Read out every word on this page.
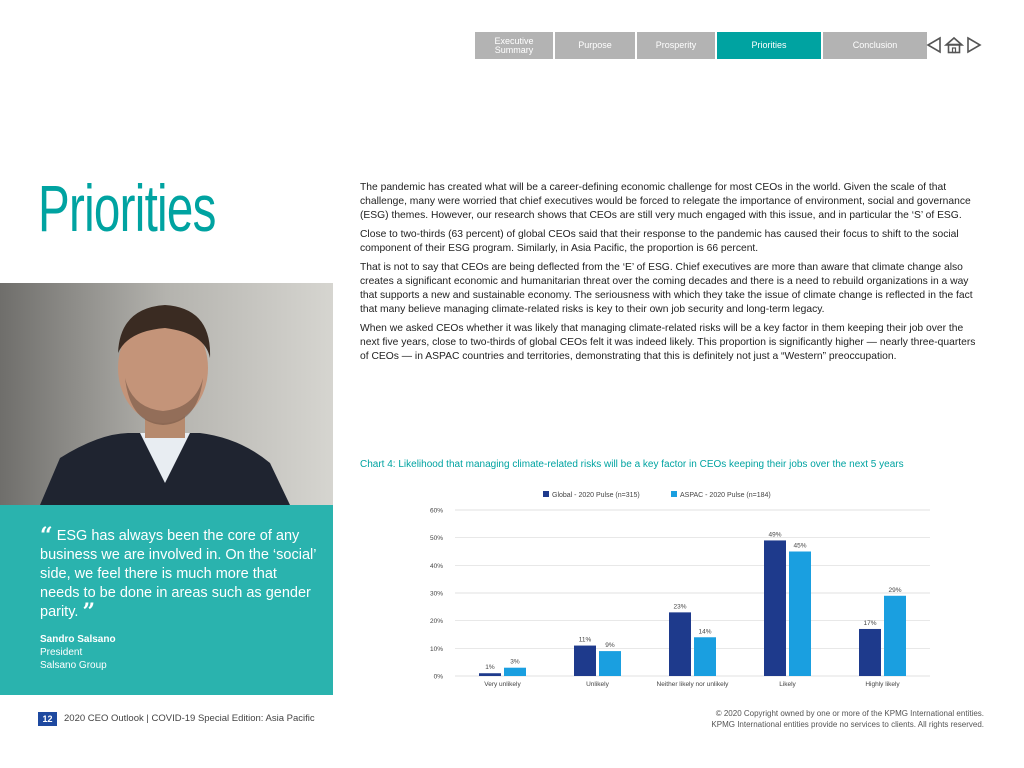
Executive Summary	Purpose	Prosperity	Priorities	Conclusion
Priorities
“ ESG has always been the core of any business we are involved in. On the ‘social’ side, we feel there is much more that needs to be done in areas such as gender parity. ”
Sandro Salsano
President
Salsano Group

The pandemic has created what will be a career-defining economic challenge for most CEOs in the world. Given the scale of that challenge, many were worried that chief executives would be forced to relegate the importance of environment, social and governance (ESG) themes. However, our research shows that CEOs are still very much engaged with this issue, and in particular the ‘S’ of ESG.

Close to two-thirds (63 percent) of global CEOs said that their response to the pandemic has caused their focus to shift to the social component of their ESG program. Similarly, in Asia Pacific, the proportion is 66 percent.

That is not to say that CEOs are being deflected from the ‘E’ of ESG. Chief executives are more than aware that climate change also creates a significant economic and humanitarian threat over the coming decades and there is a need to rebuild organizations in a way that supports a new and sustainable economy. The seriousness with which they take the issue of climate change is reflected in the fact that many believe managing climate-related risks is key to their own job security and long-term legacy.

When we asked CEOs whether it was likely that managing climate-related risks will be a key factor in them keeping their job over the next five years, close to two-thirds of global CEOs felt it was indeed likely. This proportion is significantly higher — nearly three-quarters of CEOs — in ASPAC countries and territories, demonstrating that this is definitely not just a “Western” preoccupation.

Chart 4: Likelihood that managing climate-related risks will be a key factor in CEOs keeping their jobs over the next 5 years
Global - 2020 Pulse (n=315)	ASPAC - 2020 Pulse (n=184)
0%
10%
20%
30%
40%
50%
60%
1%
3%
Very unlikely
11%
9%
Unlikely
23%
14%
Neither likely nor unlikely
49%
45%
Likely
17%
29%
Highly likely
12	2020 CEO Outlook | COVID-19 Special Edition: Asia Pacific	© 2020 Copyright owned by one or more of the KPMG International entities.
KPMG International entities provide no services to clients. All rights reserved.
